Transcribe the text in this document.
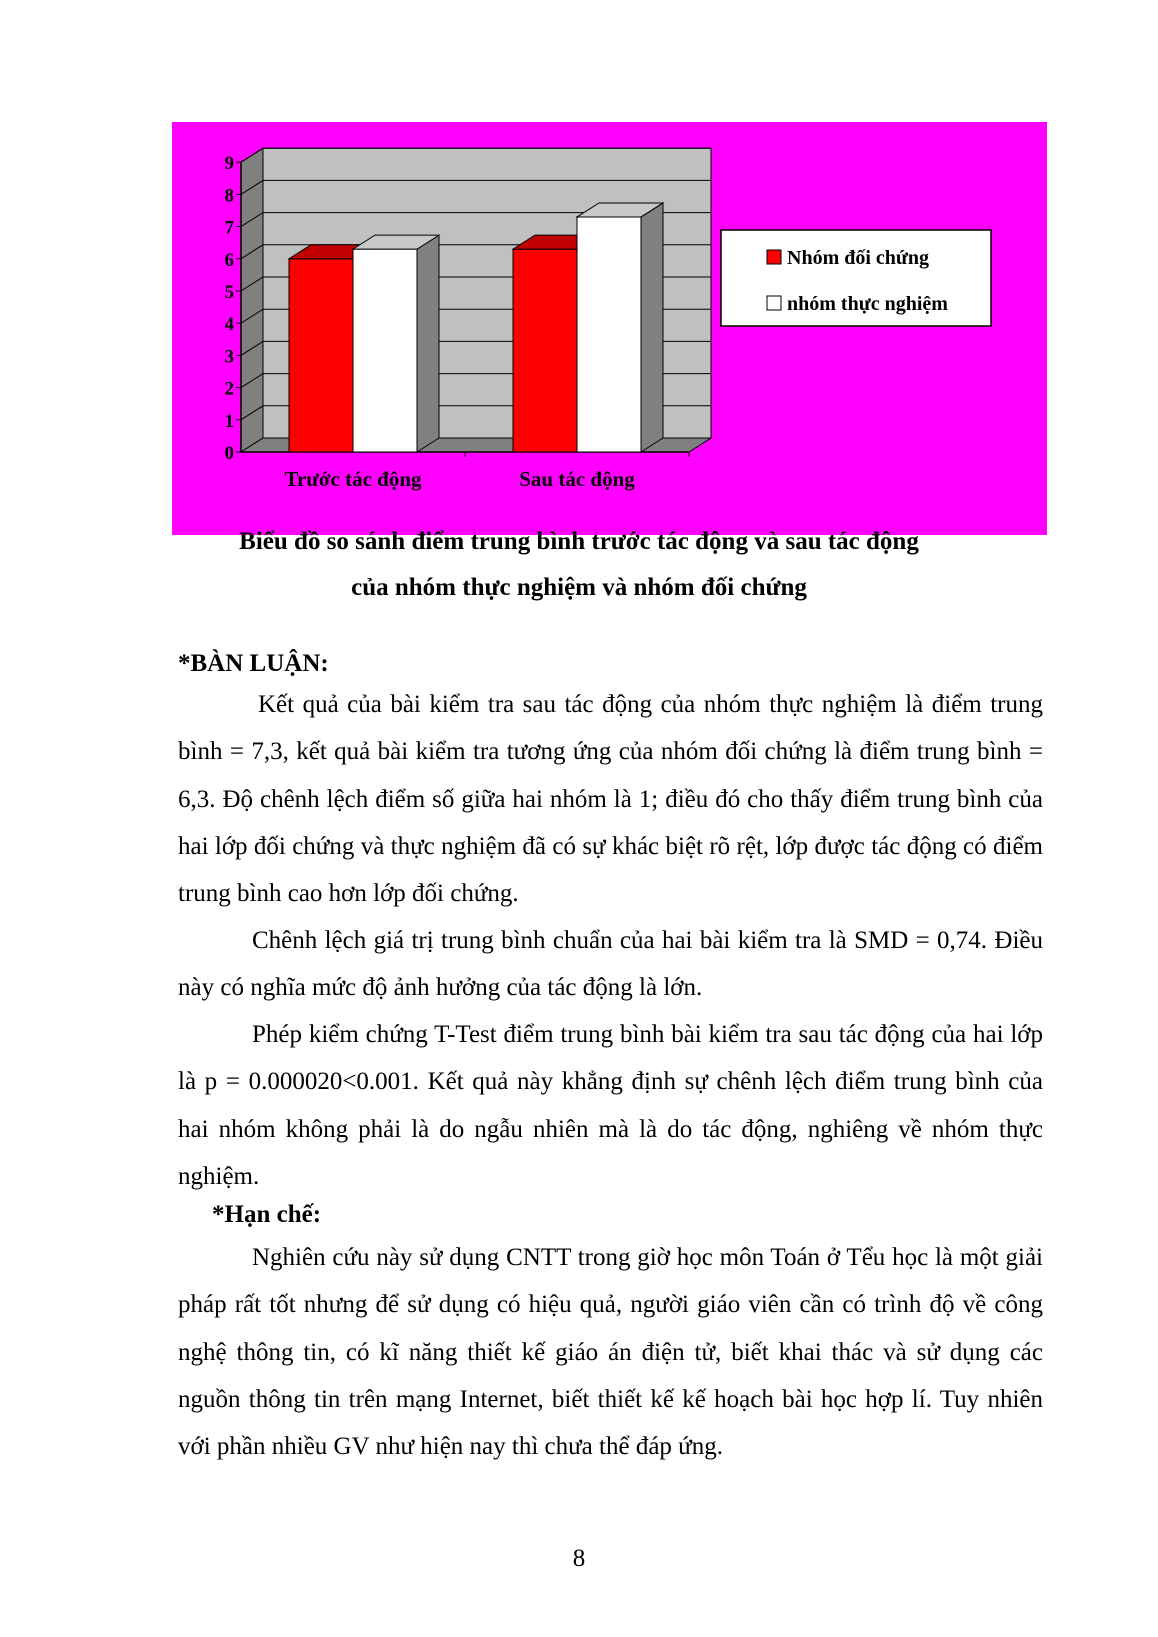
0
1
2
3
4
5
6
7
8
9
Trước tác động	Sau tác động
Nhóm đối chứng
nhóm thực nghiệm
Biểu đồ so sánh điểm trung bình trước tác động và sau tác động
của nhóm thực nghiệm và nhóm đối chứng
*BÀN LUẬN:
Kết quả của bài kiểm tra sau tác động của nhóm thực nghiệm là điểm trung bình = 7,3, kết quả bài kiểm tra tương ứng của nhóm đối chứng là điểm trung bình = 6,3. Độ chênh lệch điểm số giữa hai nhóm là 1; điều đó cho thấy điểm trung bình của hai lớp đối chứng và thực nghiệm đã có sự khác biệt rõ rệt, lớp được tác động có điểm trung bình cao hơn lớp đối chứng.
Chênh lệch giá trị trung bình chuẩn của hai bài kiểm tra là SMD = 0,74. Điều này có nghĩa mức độ ảnh hưởng của tác động là lớn.
Phép kiểm chứng T-Test điểm trung bình bài kiểm tra sau tác động của hai lớp là p = 0.000020<0.001. Kết quả này khẳng định sự chênh lệch điểm trung bình của hai nhóm không phải là do ngẫu nhiên mà là do tác động, nghiêng về nhóm thực nghiệm.
*Hạn chế:
Nghiên cứu này sử dụng CNTT trong giờ học môn Toán ở Tểu học là một giải pháp rất tốt nhưng để sử dụng có hiệu quả, người giáo viên cần có trình độ về công nghệ thông tin, có kĩ năng thiết kế giáo án điện tử, biết khai thác và sử dụng các nguồn thông tin trên mạng Internet, biết thiết kế kế hoạch bài học hợp lí. Tuy nhiên với phần nhiều GV như hiện nay thì chưa thể đáp ứng.
8
